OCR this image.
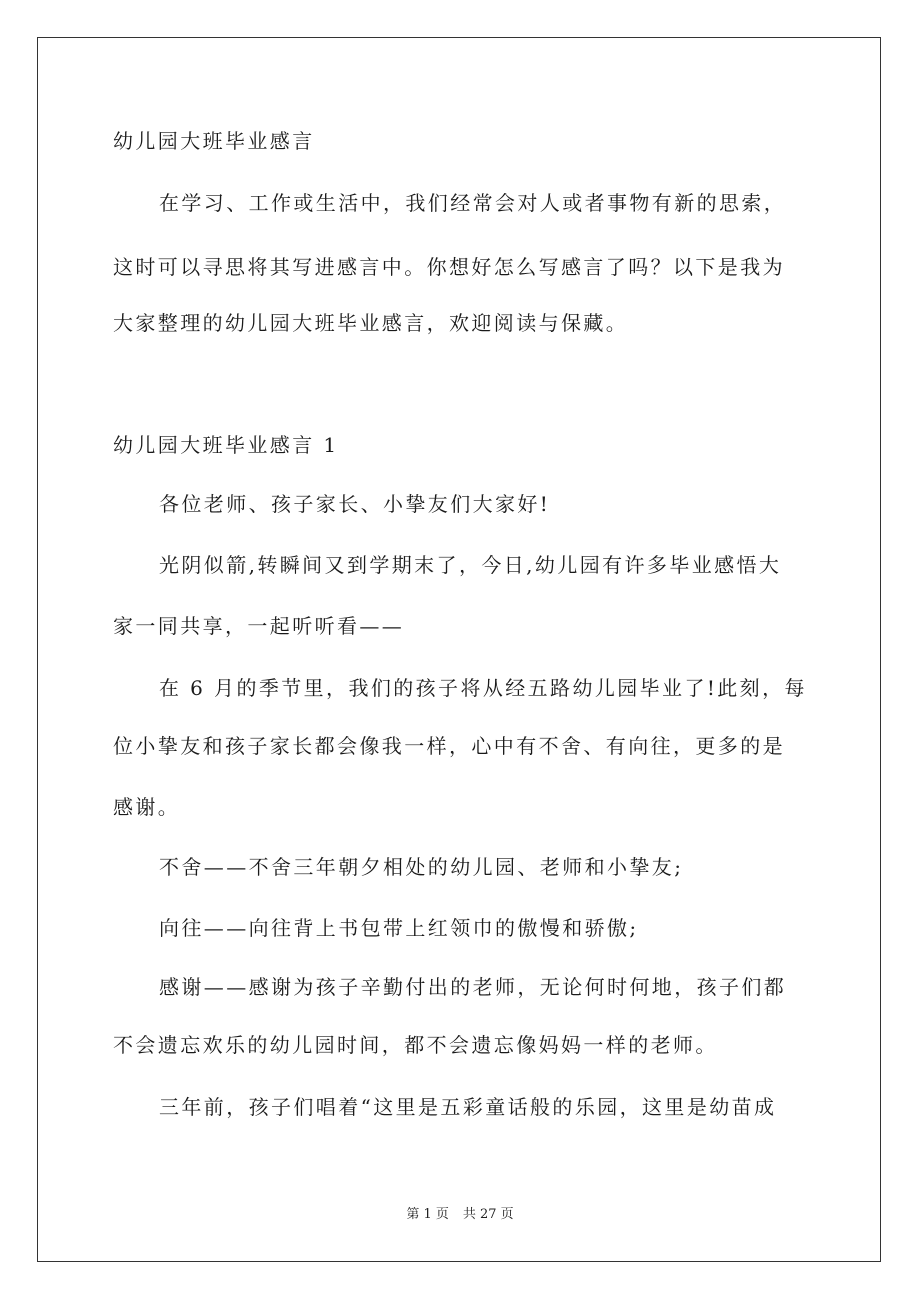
幼儿园大班毕业感言
在学习、工作或生活中，我们经常会对人或者事物有新的思索，
这时可以寻思将其写进感言中。你想好怎么写感言了吗？以下是我为
大家整理的幼儿园大班毕业感言，欢迎阅读与保藏。
幼儿园大班毕业感言 1
各位老师、孩子家长、小挚友们大家好!
光阴似箭,转瞬间又到学期末了，今日,幼儿园有许多毕业感悟大
家一同共享，一起听听看——
在 6 月的季节里，我们的孩子将从经五路幼儿园毕业了!此刻，每
位小挚友和孩子家长都会像我一样，心中有不舍、有向往，更多的是
感谢。
不舍——不舍三年朝夕相处的幼儿园、老师和小挚友;
向往——向往背上书包带上红领巾的傲慢和骄傲;
感谢——感谢为孩子辛勤付出的老师，无论何时何地，孩子们都
不会遗忘欢乐的幼儿园时间，都不会遗忘像妈妈一样的老师。
三年前，孩子们唱着“这里是五彩童话般的乐园，这里是幼苗成
第 1 页 共 27 页
